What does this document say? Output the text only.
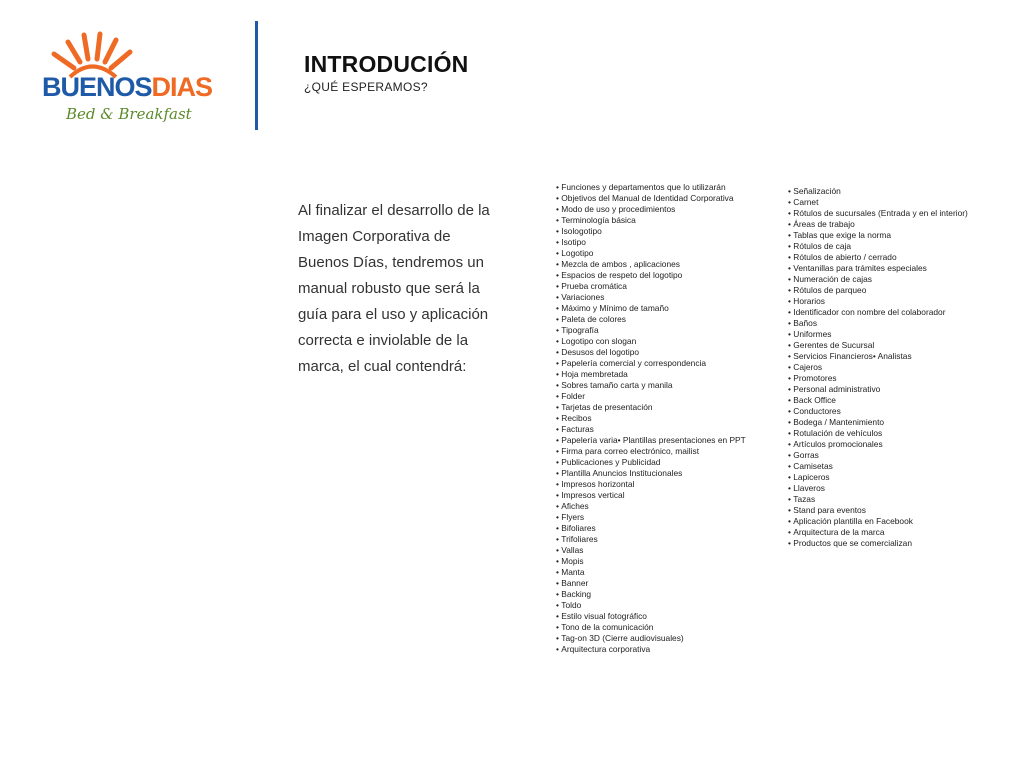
BUENOSDIAS
Bed & Breakfast
INTRODUCIÓN

¿QUÉ ESPERAMOS?

Al finalizar el desarrollo de la Imagen Corporativa de Buenos Días, tendremos un manual robusto que será la guía para el uso y aplicación correcta e inviolable de la marca, el cual contendrá:

• Funciones y departamentos que lo utilizarán
• Objetivos del Manual de Identidad Corporativa
• Modo de uso y procedimientos
• Terminología básica
• Isologotipo
• Isotipo
• Logotipo
• Mezcla de ambos , aplicaciones
• Espacios de respeto del logotipo
• Prueba cromática
• Variaciones
• Máximo y Mínimo de tamaño
• Paleta de colores
• Tipografía
• Logotipo con slogan
• Desusos del logotipo
• Papelería comercial y correspondencia
• Hoja membretada
• Sobres tamaño carta y manila
• Folder
• Tarjetas de presentación
• Recibos
• Facturas
• Papelería varia• Plantillas presentaciones en PPT
• Firma para correo electrónico, mailist
• Publicaciones y Publicidad
• Plantilla Anuncios Institucionales
• Impresos horizontal
• Impresos vertical
• Afiches
• Flyers
• Bifoliares
• Trifoliares
• Vallas
• Mopis
• Manta
• Banner
• Backing
• Toldo
• Estilo visual fotográfico
• Tono de la comunicación
• Tag-on 3D (Cierre audiovisuales)
• Arquitectura corporativa
• Señalización
• Carnet
• Rótulos de sucursales (Entrada y en el interior)
• Áreas de trabajo
• Tablas que exige la norma
• Rótulos de caja
• Rótulos de abierto / cerrado
• Ventanillas para trámites especiales
• Numeración de cajas
• Rótulos de parqueo
• Horarios
• Identificador con nombre del colaborador
• Baños
• Uniformes
• Gerentes de Sucursal
• Servicios Financieros• Analistas
• Cajeros
• Promotores
• Personal administrativo
• Back Office
• Conductores
• Bodega / Mantenimiento
• Rotulación de vehículos
• Artículos promocionales
• Gorras
• Camisetas
• Lapiceros
• Llaveros
• Tazas
• Stand para eventos
• Aplicación plantilla en Facebook
• Arquitectura de la marca
• Productos que se comercializan
